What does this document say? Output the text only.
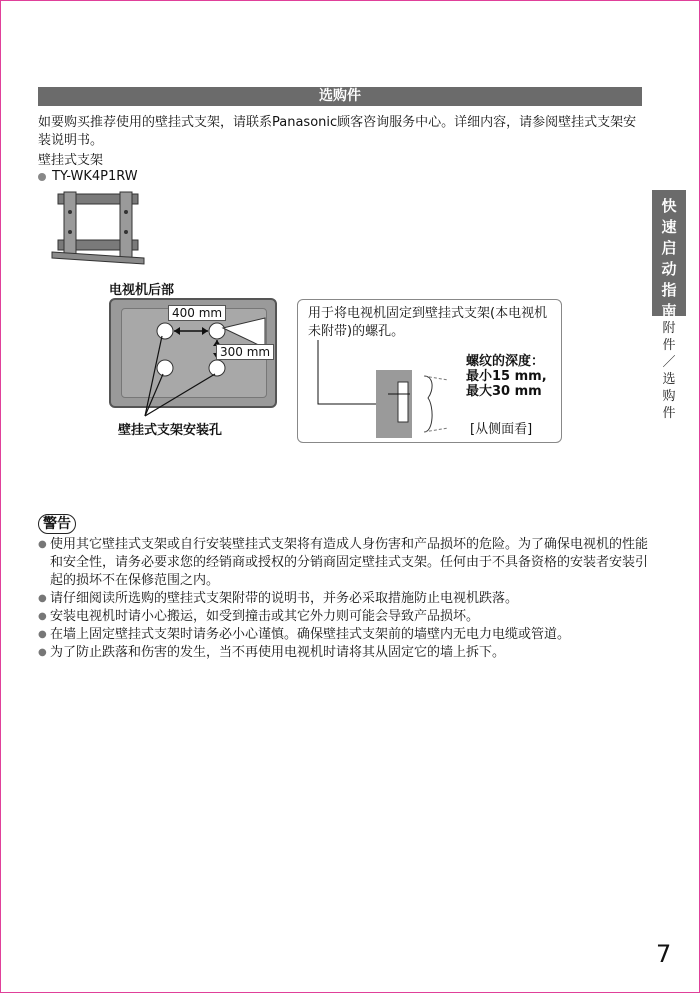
选购件
如要购买推荐使用的壁挂式支架，请联系Panasonic顾客咨询服务中心。详细内容，请参阅壁挂式支架安装说明书。
壁挂式支架
TY-WK4P1RW
电视机后部
400 mm
300 mm
壁挂式支架安装孔
用于将电视机固定到壁挂式支架(本电视机未附带)的螺孔。
螺纹的深度：
最小15 mm,
最大30 mm
[从侧面看]
快
速
启
动
指
南
附
件
／
选
购
件
警告
● 使用其它壁挂式支架或自行安装壁挂式支架将有造成人身伤害和产品损坏的危险。为了确保电视机的性能和安全性，请务必要求您的经销商或授权的分销商固定壁挂式支架。任何由于不具备资格的安装者安装引起的损坏不在保修范围之内。
● 请仔细阅读所选购的壁挂式支架附带的说明书，并务必采取措施防止电视机跌落。
● 安装电视机时请小心搬运，如受到撞击或其它外力则可能会导致产品损坏。
● 在墙上固定壁挂式支架时请务必小心谨慎。确保壁挂式支架前的墙壁内无电力电缆或管道。
● 为了防止跌落和伤害的发生，当不再使用电视机时请将其从固定它的墙上拆下。
7
